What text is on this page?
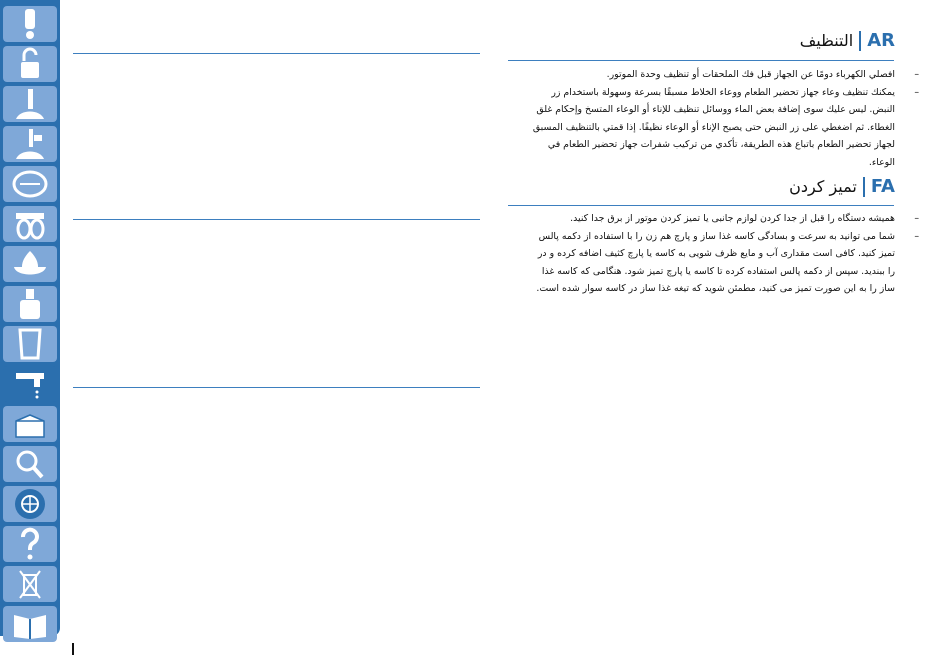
التنظيف AR
–
افصلي الكهرباء دومًا عن الجهاز قبل فك الملحقات أو تنظيف وحدة الموتور.
–
يمكنك تنظيف وعاء جهاز تحضير الطعام ووعاء الخلاط مسبقًا بسرعة وسهولة باستخدام زر النبض. ليس عليك سوى إضافة بعض الماء ووسائل تنظيف للإناء أو الوعاء المتسخ وإحكام غلق الغطاء. ثم اضغطي على زر النبض حتى يصبح الإناء أو الوعاء نظيفًا. إذا قمتي بالتنظيف المسبق لجهاز تحضير الطعام باتباع هذه الطريقة، تأكدي من تركيب شفرات جهاز تحضير الطعام في الوعاء.
تمیز کردن FA
–
همیشه دستگاه را قبل از جدا کردن لوازم جانبی یا تمیز کردن موتور از برق جدا کنید.
–
شما می توانید به سرعت و بسادگی کاسه غذا ساز و پارچ هم زن را با استفاده از دکمه پالس تمیز کنید. کافی است مقداری آب و مایع ظرف شویی به کاسه یا پارچ کثیف اضافه کرده و در را ببندید. سپس از دکمه پالس استفاده کرده تا کاسه یا پارچ تمیز شود. هنگامی که کاسه غذا ساز را به این صورت تمیز می کنید، مطمئن شوید که تیغه غذا ساز در کاسه سوار شده است.
